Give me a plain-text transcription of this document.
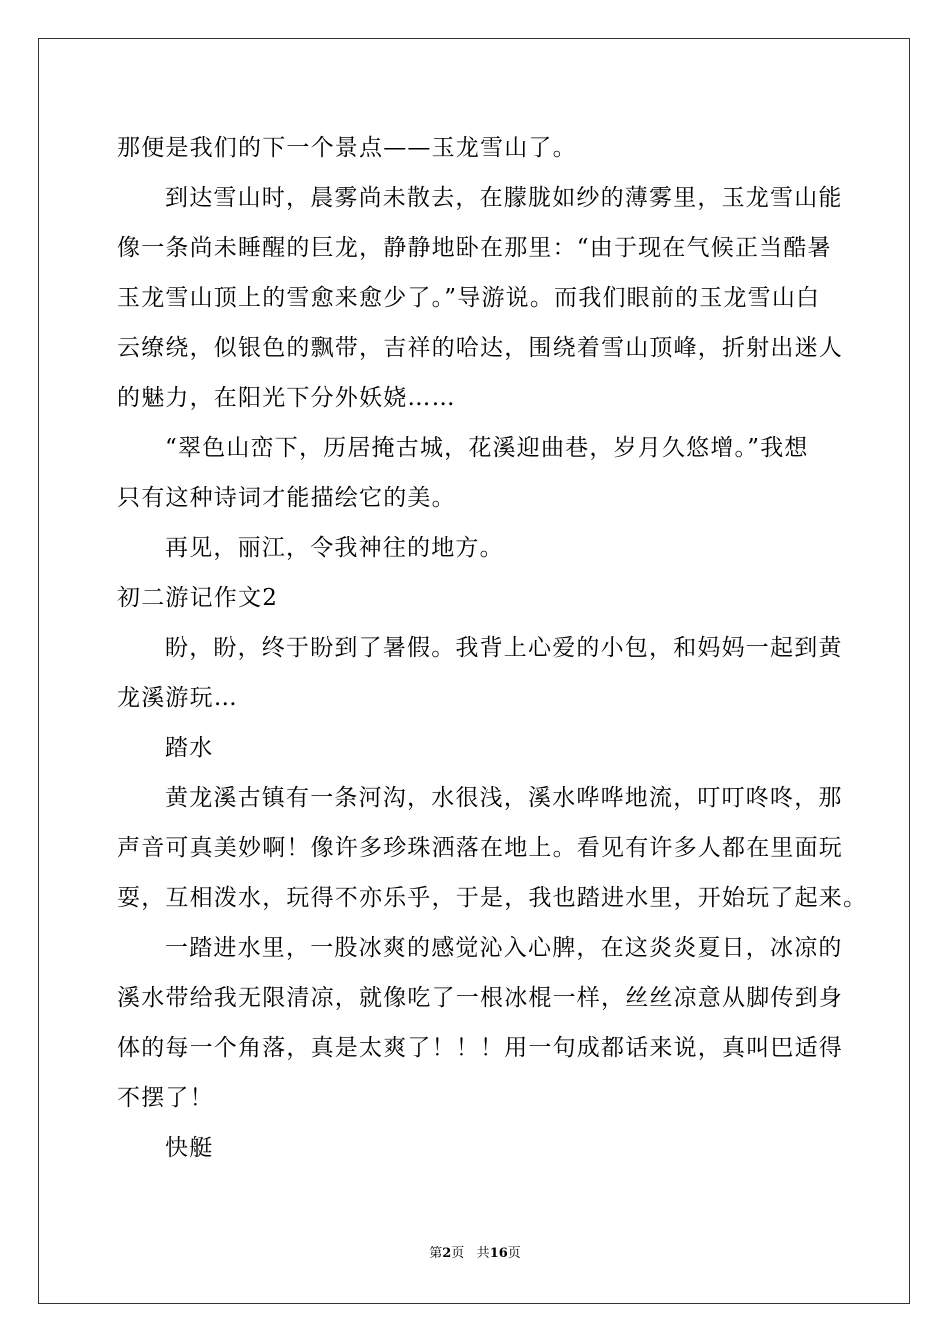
那便是我们的下一个景点——玉龙雪山了。
到达雪山时，晨雾尚未散去，在朦胧如纱的薄雾里，玉龙雪山能
像一条尚未睡醒的巨龙，静静地卧在那里：“由于现在气候正当酷暑
玉龙雪山顶上的雪愈来愈少了。”导游说。而我们眼前的玉龙雪山白
云缭绕，似银色的飘带，吉祥的哈达，围绕着雪山顶峰，折射出迷人
的魅力，在阳光下分外妖娆……
“翠色山峦下，历居掩古城，花溪迎曲巷，岁月久悠增。”我想
只有这种诗词才能描绘它的美。
再见，丽江，令我神往的地方。
初二游记作文2
盼，盼，终于盼到了暑假。我背上心爱的小包，和妈妈一起到黄
龙溪游玩…
踏水
黄龙溪古镇有一条河沟，水很浅，溪水哗哗地流，叮叮咚咚，那
声音可真美妙啊！像许多珍珠洒落在地上。看见有许多人都在里面玩
耍，互相泼水，玩得不亦乐乎，于是，我也踏进水里，开始玩了起来。
一踏进水里，一股冰爽的感觉沁入心脾，在这炎炎夏日，冰凉的
溪水带给我无限清凉，就像吃了一根冰棍一样，丝丝凉意从脚传到身
体的每一个角落，真是太爽了！！！用一句成都话来说，真叫巴适得
不摆了！
快艇
第2页 共16页
